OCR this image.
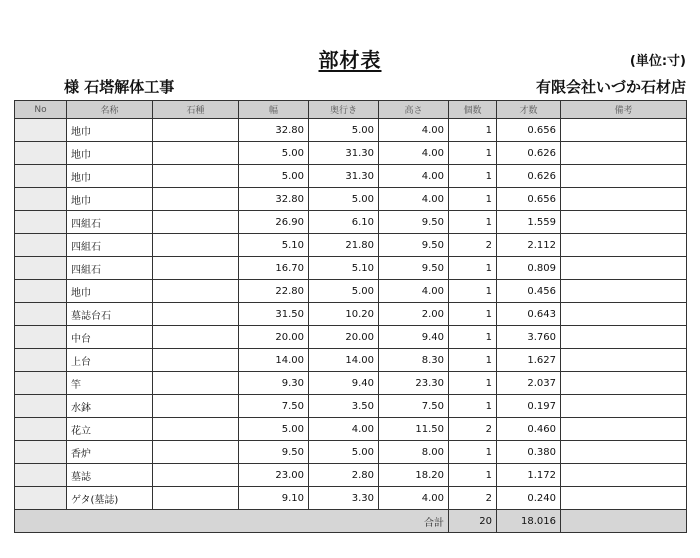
部材表	(単位:寸)
様 石塔解体工事	有限会社いづか石材店
No	名称	石種	幅	奥行き	高さ	個数	才数	備考
	地巾		32.80	5.00	4.00	1	0.656	
	地巾		5.00	31.30	4.00	1	0.626	
	地巾		5.00	31.30	4.00	1	0.626	
	地巾		32.80	5.00	4.00	1	0.656	
	四組石		26.90	6.10	9.50	1	1.559	
	四組石		5.10	21.80	9.50	2	2.112	
	四組石		16.70	5.10	9.50	1	0.809	
	地巾		22.80	5.00	4.00	1	0.456	
	墓誌台石		31.50	10.20	2.00	1	0.643	
	中台		20.00	20.00	9.40	1	3.760	
	上台		14.00	14.00	8.30	1	1.627	
	竿		9.30	9.40	23.30	1	2.037	
	水鉢		7.50	3.50	7.50	1	0.197	
	花立		5.00	4.00	11.50	2	0.460	
	香炉		9.50	5.00	8.00	1	0.380	
	墓誌		23.00	2.80	18.20	1	1.172	
	ゲタ(墓誌)		9.10	3.30	4.00	2	0.240	
合計						20	18.016	
